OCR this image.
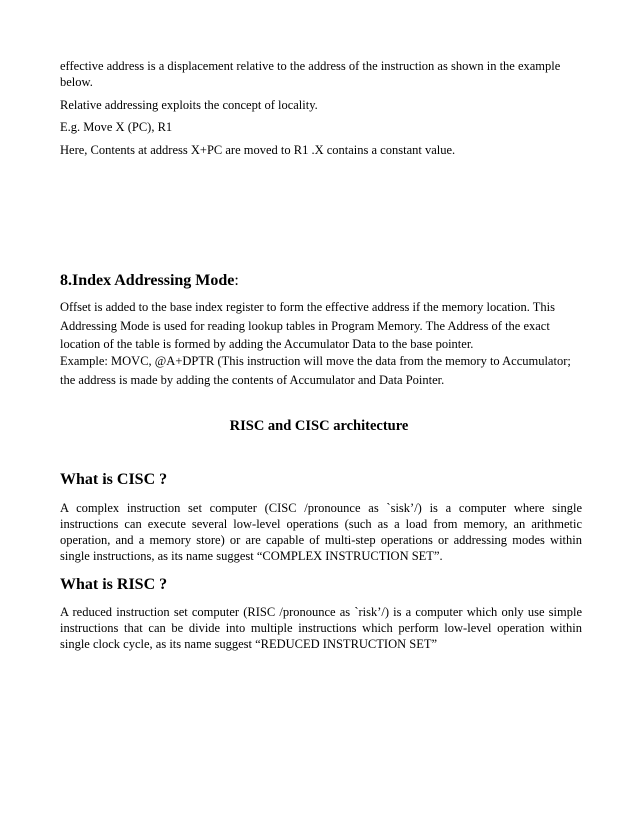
effective address is a displacement relative to the address of the instruction as shown in the example below.

Relative addressing exploits the concept of locality.

E.g. Move X (PC), R1

Here, Contents at address X+PC are moved to R1 .X contains a constant value.

8.Index Addressing Mode:

Offset is added to the base index register to form the effective address if the memory location. This Addressing Mode is used for reading lookup tables in Program Memory. The Address of the exact location of the table is formed by adding the Accumulator Data to the base pointer.

Example: MOVC, @A+DPTR (This instruction will move the data from the memory to Accumulator; the address is made by adding the contents of Accumulator and Data Pointer.

RISC and CISC architecture
What is CISC ?

A complex instruction set computer (CISC /pronounce as `sisk’/) is a computer where single instructions can execute several low-level operations (such as a load from memory, an arithmetic operation, and a memory store) or are capable of multi-step operations or addressing modes within single instructions, as its name suggest “COMPLEX INSTRUCTION SET”.

What is RISC ?

A reduced instruction set computer (RISC /pronounce as `risk’/) is a computer which only use simple instructions that can be divide into multiple instructions which perform low-level operation within single clock cycle, as its name suggest “REDUCED INSTRUCTION SET”
